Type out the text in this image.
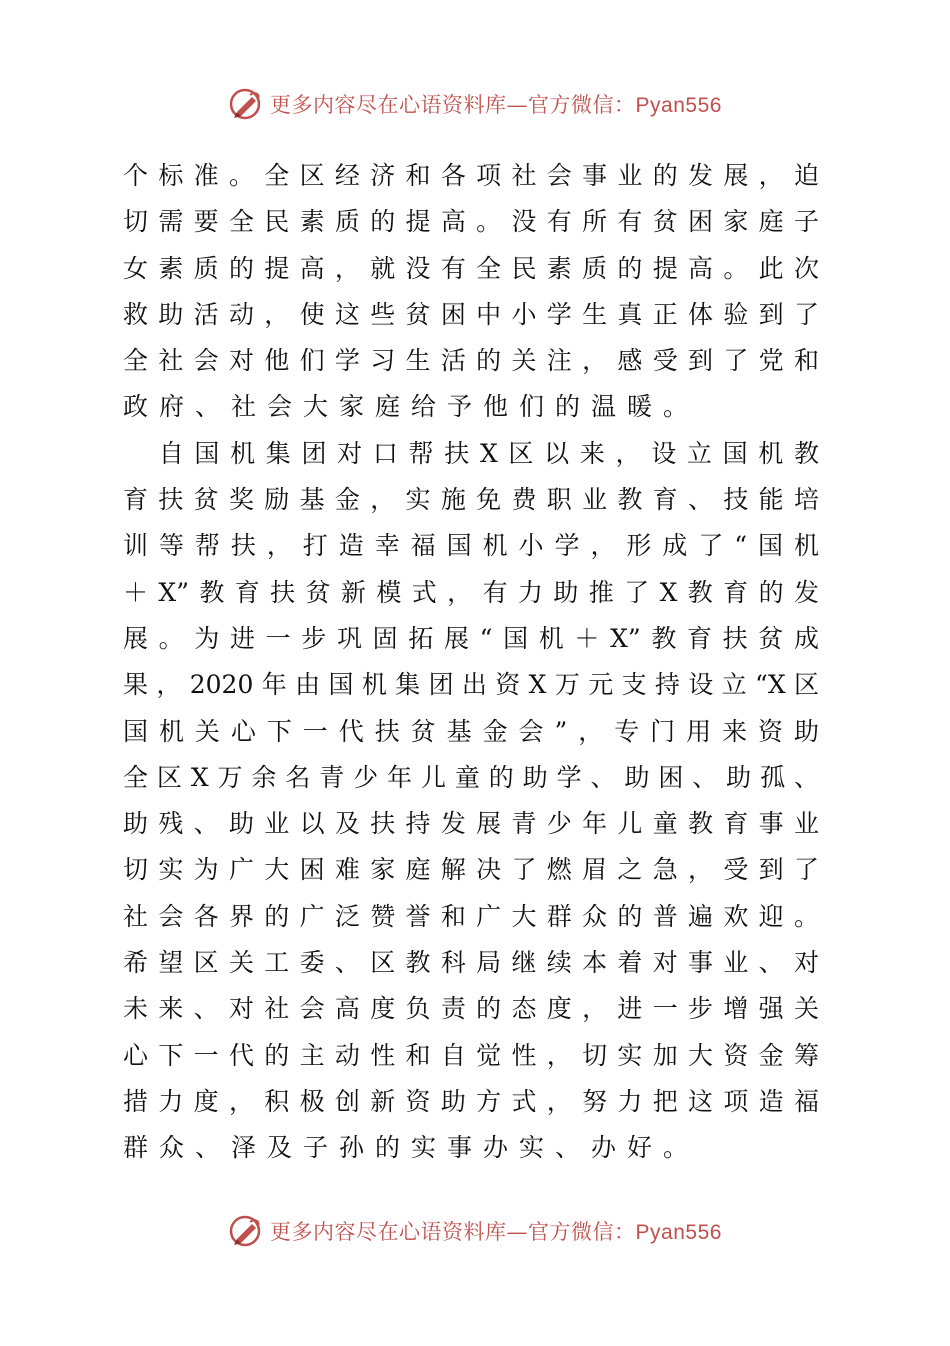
更多内容尽在心语资料库—官方微信：Pyan556
个标准。全区经济和各项社会事业的发展，迫
切需要全民素质的提高。没有所有贫困家庭子
女素质的提高，就没有全民素质的提高。此次
救助活动，使这些贫困中小学生真正体验到了
全社会对他们学习生活的关注，感受到了党和
政府、社会大家庭给予他们的温暖。
　自国机集团对口帮扶X区以来，设立国机教
育扶贫奖励基金，实施免费职业教育、技能培
训等帮扶，打造幸福国机小学，形成了“国机
＋X”教育扶贫新模式，有力助推了X教育的发
展。为进一步巩固拓展“国机＋X”教育扶贫成
果，2020年由国机集团出资X万元支持设立“X区
国机关心下一代扶贫基金会”，专门用来资助
全区X万余名青少年儿童的助学、助困、助孤、
助残、助业以及扶持发展青少年儿童教育事业
切实为广大困难家庭解决了燃眉之急，受到了
社会各界的广泛赞誉和广大群众的普遍欢迎。
希望区关工委、区教科局继续本着对事业、对
未来、对社会高度负责的态度，进一步增强关
心下一代的主动性和自觉性，切实加大资金筹
措力度，积极创新资助方式，努力把这项造福
群众、泽及子孙的实事办实、办好。
更多内容尽在心语资料库—官方微信：Pyan556
